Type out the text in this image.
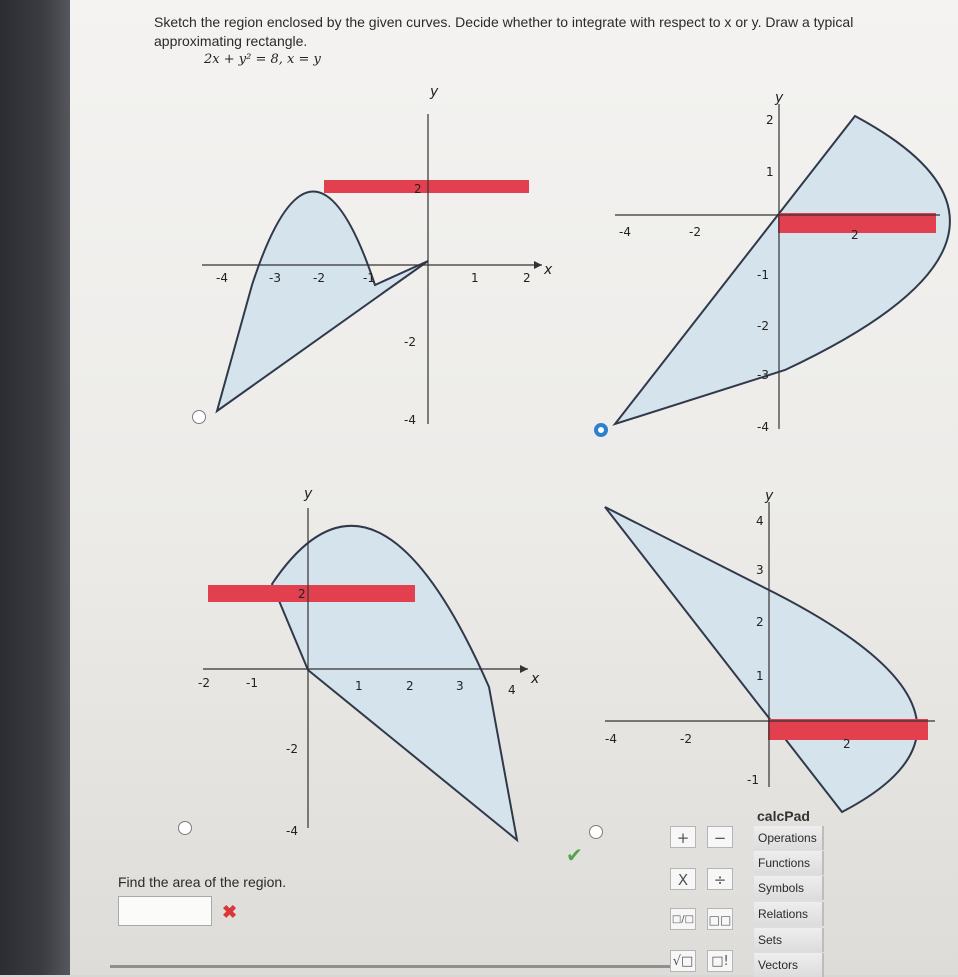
Sketch the region enclosed by the given curves. Decide whether to integrate with respect to x or y. Draw a typical approximating rectangle.
2x + y² = 8, x = y
y
x
-4	-3	-2	-1	1	2
2
-2
-4
y
-4	-2	2
2
1
-1
-2
-3
-4
y
x
-2	-1	1	2	3	4
2
-2
-4
y
-4	-2	2
4
3
2
1
-1
✔
Find the area of the region.
✖
calcPad
+	−
X	÷
□/□ □□
√□	□!
Operations
Functions
Symbols
Relations
Sets
Vectors
